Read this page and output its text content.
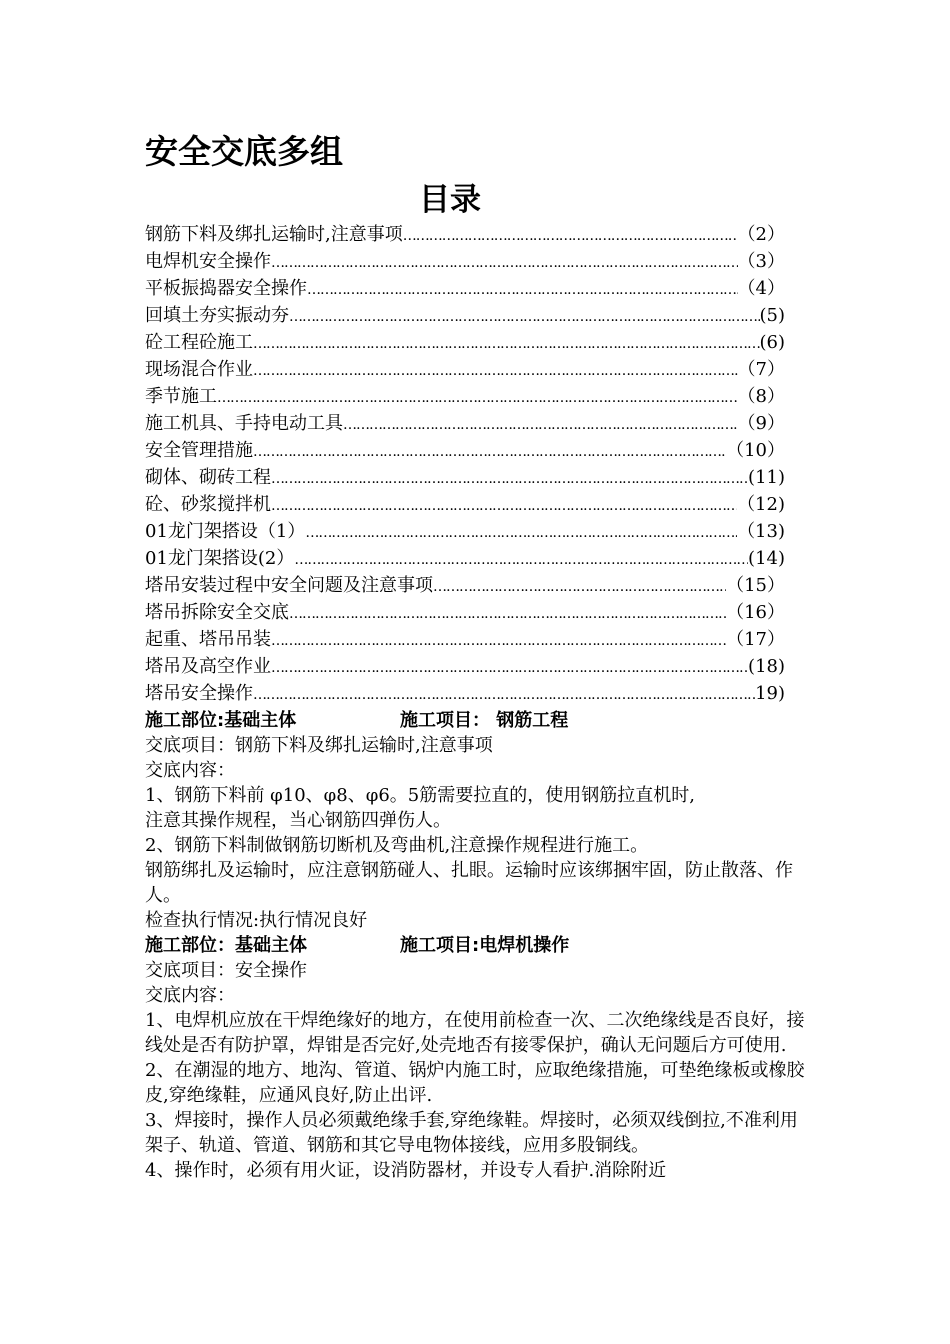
安全交底多组
目录
钢筋下料及绑扎运输时,注意事项 ……………………………………………………………………………………………………………………………………………………………	（2）
电焊机安全操作 ……………………………………………………………………………………………………………………………………………………………	（3）
平板振捣器安全操作 ……………………………………………………………………………………………………………………………………………………………	（4）
回填土夯实振动夯 ……………………………………………………………………………………………………………………………………………………………	(5)
砼工程砼施工 ……………………………………………………………………………………………………………………………………………………………	(6)
现场混合作业 ……………………………………………………………………………………………………………………………………………………………	（7）
季节施工 ……………………………………………………………………………………………………………………………………………………………	（8）
施工机具、手持电动工具 ……………………………………………………………………………………………………………………………………………………………	（9）
安全管理措施 ……………………………………………………………………………………………………………………………………………………………	（10）
砌体、砌砖工程 ……………………………………………………………………………………………………………………………………………………………	(11)
砼、砂浆搅拌机 ……………………………………………………………………………………………………………………………………………………………	（12)
01龙门架搭设（1） ……………………………………………………………………………………………………………………………………………………………	（13)
01龙门架搭设(2） ……………………………………………………………………………………………………………………………………………………………	(14)
塔吊安装过程中安全问题及注意事项 ……………………………………………………………………………………………………………………………………………………………	（15）
塔吊拆除安全交底 ……………………………………………………………………………………………………………………………………………………………	（16）
起重、塔吊吊装 ……………………………………………………………………………………………………………………………………………………………	（17）
塔吊及高空作业 ……………………………………………………………………………………………………………………………………………………………	(18)
塔吊安全操作 ……………………………………………………………………………………………………………………………………………………………	19)
施工部位:基础主体	施工项目： 钢筋工程

交底项目：钢筋下料及绑扎运输时,注意事项

交底内容：

1、钢筋下料前 φ10、φ8、φ6。5筋需要拉直的，使用钢筋拉直机时,

注意其操作规程，当心钢筋四弹伤人。

2、钢筋下料制做钢筋切断机及弯曲机,注意操作规程进行施工。

钢筋绑扎及运输时，应注意钢筋碰人、扎眼。运输时应该绑捆牢固，防止散落、作人。

检查执行情况:执行情况良好

施工部位：基础主体	施工项目:电焊机操作

交底项目：安全操作

交底内容：

1、电焊机应放在干焊绝缘好的地方，在使用前检查一次、二次绝缘线是否良好，接线处是否有防护罩，焊钳是否完好,处壳地否有接零保护，确认无问题后方可使用.

2、在潮湿的地方、地沟、管道、锅炉内施工时，应取绝缘措施，可垫绝缘板或橡胶皮,穿绝缘鞋，应通风良好,防止出评.

3、焊接时，操作人员必须戴绝缘手套,穿绝缘鞋。焊接时，必须双线倒拉,不准利用架子、轨道、管道、钢筋和其它导电物体接线，应用多股铜线。

4、操作时，必须有用火证，设消防器材，并设专人看护.消除附近
